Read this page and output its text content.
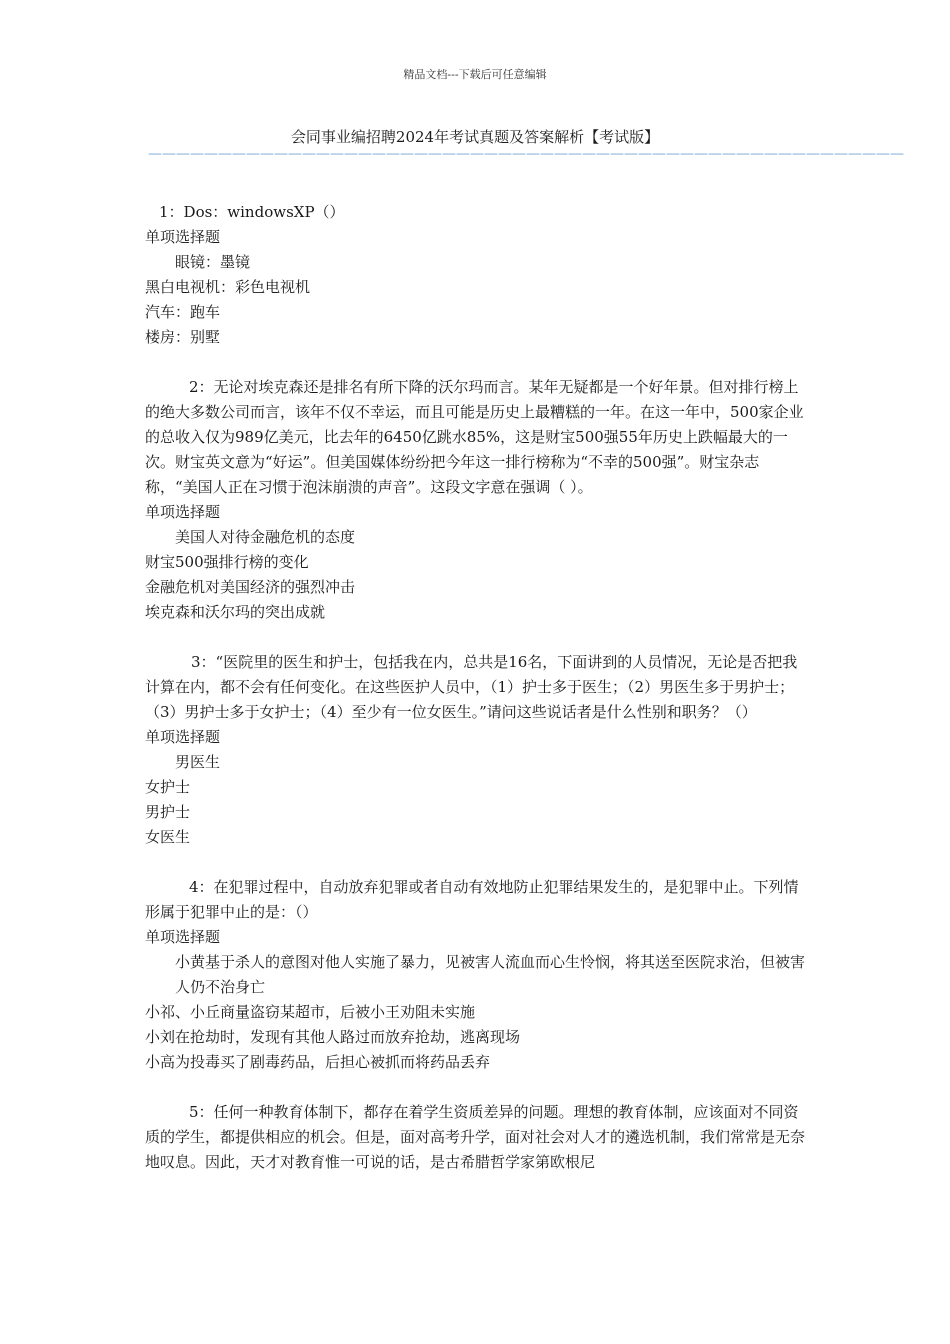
精品文档---下载后可任意编辑
会同事业编招聘2024年考试真题及答案解析【考试版】
——————————————————————————————————————————————————————

1：Dos：windowsXP（）

单项选择题

眼镜：墨镜

黑白电视机：彩色电视机

汽车：跑车

楼房：别墅

2：无论对埃克森还是排名有所下降的沃尔玛而言。某年无疑都是一个好年景。但对排行榜上的绝大多数公司而言，该年不仅不幸运，而且可能是历史上最糟糕的一年。在这一年中，500家企业的总收入仅为989亿美元，比去年的6450亿跳水85%，这是财宝500强55年历史上跌幅最大的一次。财宝英文意为“好运”。但美国媒体纷纷把今年这一排行榜称为“不幸的500强”。财宝杂志称，“美国人正在习惯于泡沫崩溃的声音”。这段文字意在强调（ ）。

单项选择题

美国人对待金融危机的态度

财宝500强排行榜的变化

金融危机对美国经济的强烈冲击

埃克森和沃尔玛的突出成就

3：“医院里的医生和护士，包括我在内，总共是16名，下面讲到的人员情况，无论是否把我计算在内，都不会有任何变化。在这些医护人员中，（1）护士多于医生；（2）男医生多于男护士；（3）男护士多于女护士；（4）至少有一位女医生。”请问这些说话者是什么性别和职务？（）

单项选择题

男医生

女护士

男护士

女医生

4：在犯罪过程中，自动放弃犯罪或者自动有效地防止犯罪结果发生的，是犯罪中止。下列情形属于犯罪中止的是：（）

单项选择题

小黄基于杀人的意图对他人实施了暴力，见被害人流血而心生怜悯，将其送至医院求治，但被害人仍不治身亡

小祁、小丘商量盗窃某超市，后被小王劝阻未实施

小刘在抢劫时，发现有其他人路过而放弃抢劫，逃离现场

小高为投毒买了剧毒药品，后担心被抓而将药品丢弃

5：任何一种教育体制下，都存在着学生资质差异的问题。理想的教育体制，应该面对不同资质的学生，都提供相应的机会。但是，面对高考升学，面对社会对人才的遴选机制，我们常常是无奈地叹息。因此，天才对教育惟一可说的话，是古希腊哲学家第欧根尼
